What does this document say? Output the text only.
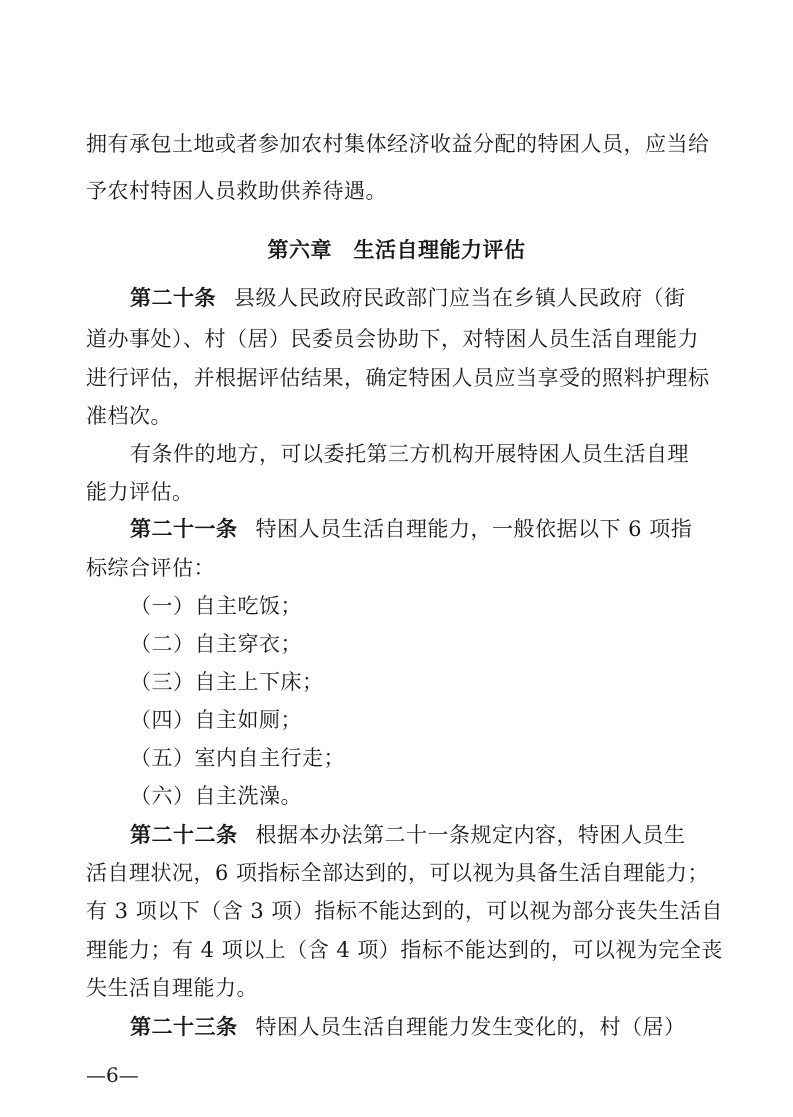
拥有承包土地或者参加农村集体经济收益分配的特困人员，应当给
予农村特困人员救助供养待遇。
第六章　生活自理能力评估
第二十条 县级人民政府民政部门应当在乡镇人民政府（街
道办事处）、村（居）民委员会协助下，对特困人员生活自理能力
进行评估，并根据评估结果，确定特困人员应当享受的照料护理标
准档次。
有条件的地方，可以委托第三方机构开展特困人员生活自理
能力评估。
第二十一条 特困人员生活自理能力，一般依据以下 6 项指
标综合评估：
（一）自主吃饭；
（二）自主穿衣；
（三）自主上下床；
（四）自主如厕；
（五）室内自主行走；
（六）自主洗澡。
第二十二条 根据本办法第二十一条规定内容，特困人员生
活自理状况，6 项指标全部达到的，可以视为具备生活自理能力；
有 3 项以下（含 3 项）指标不能达到的，可以视为部分丧失生活自
理能力；有 4 项以上（含 4 项）指标不能达到的，可以视为完全丧
失生活自理能力。
第二十三条 特困人员生活自理能力发生变化的，村（居）
—6—
